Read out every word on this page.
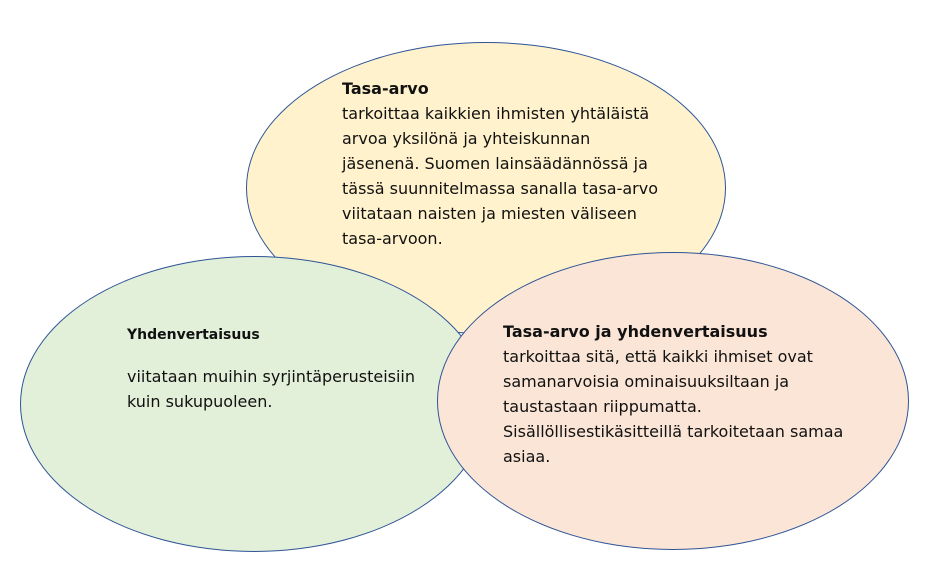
Tasa-arvo
tarkoittaa kaikkien ihmisten yhtäläistä
arvoa yksilönä ja yhteiskunnan
jäsenenä. Suomen lainsäädännössä ja
tässä suunnitelmassa sanalla tasa-arvo
viitataan naisten ja miesten väliseen
tasa-arvoon.
Yhdenvertaisuus
viitataan muihin syrjintäperusteisiin
kuin sukupuoleen.
Tasa-arvo ja yhdenvertaisuus
tarkoittaa sitä, että kaikki ihmiset ovat
samanarvoisia ominaisuuksiltaan ja
taustastaan riippumatta.
Sisällöllisestikäsitteillä tarkoitetaan samaa
asiaa.
